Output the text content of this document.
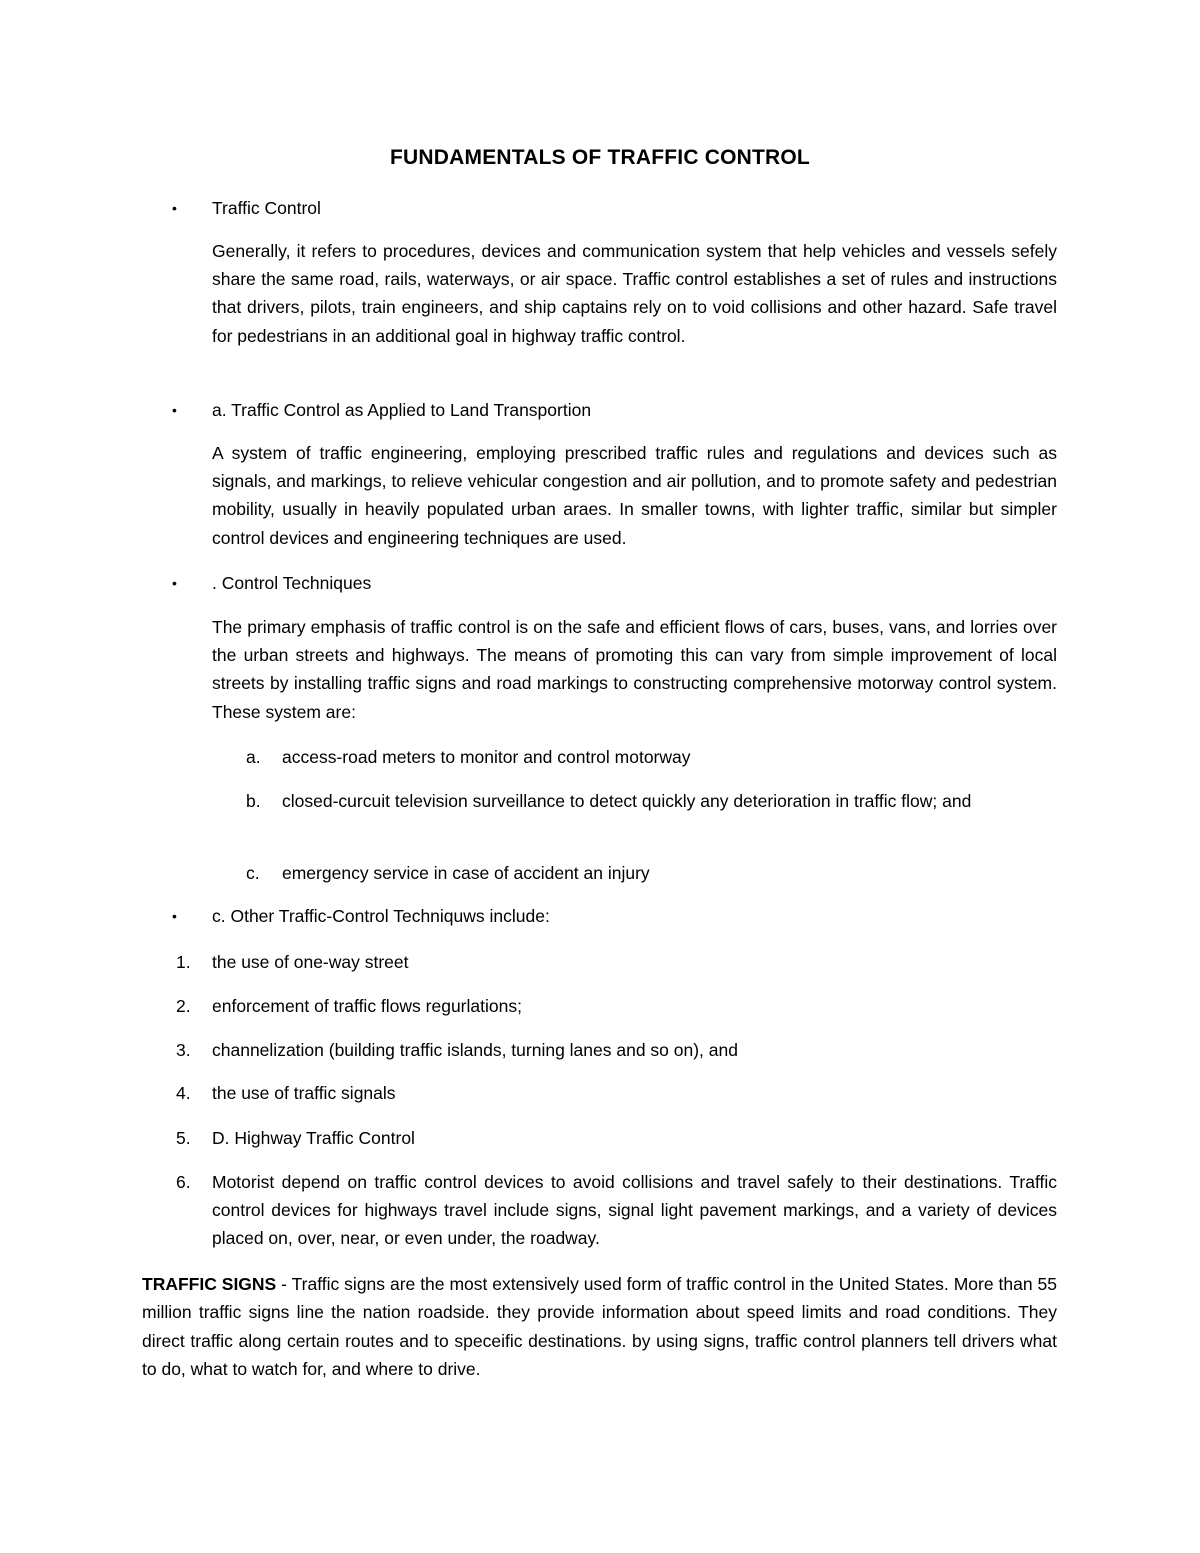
FUNDAMENTALS OF TRAFFIC CONTROL
• Traffic Control

Generally, it refers to procedures, devices and communication system that help vehicles and vessels sefely share the same road, rails, waterways, or air space. Traffic control establishes a set of rules and instructions that drivers, pilots, train engineers, and ship captains rely on to void collisions and other hazard. Safe travel for pedestrians in an additional goal in highway traffic control.

• a. Traffic Control as Applied to Land Transportion

A system of traffic engineering, employing prescribed traffic rules and regulations and devices such as signals, and markings, to relieve vehicular congestion and air pollution, and to promote safety and pedestrian mobility, usually in heavily populated urban araes. In smaller towns, with lighter traffic, similar but simpler control devices and engineering techniques are used.

• . Control Techniques

The primary emphasis of traffic control is on the safe and efficient flows of cars, buses, vans, and lorries over the urban streets and highways. The means of promoting this can vary from simple improvement of local streets by installing traffic signs and road markings to constructing comprehensive motorway control system. These system are:

a.	access-road meters to monitor and control motorway
b.	closed-curcuit television surveillance to detect quickly any deterioration in traffic flow; and
c.	emergency service in case of accident an injury
• c. Other Traffic-Control Techniquws include:
1.	the use of one-way street
2.	enforcement of traffic flows regurlations;
3.	channelization (building traffic islands, turning lanes and so on), and
4.	the use of traffic signals
5.	D. Highway Traffic Control
6.	Motorist depend on traffic control devices to avoid collisions and travel safely to their destinations. Traffic control devices for highways travel include signs, signal light pavement markings, and a variety of devices placed on, over, near, or even under, the roadway.

TRAFFIC SIGNS - Traffic signs are the most extensively used form of traffic control in the United States. More than 55 million traffic signs line the nation roadside. they provide information about speed limits and road conditions. They direct traffic along certain routes and to speceific destinations. by using signs, traffic control planners tell drivers what to do, what to watch for, and where to drive.
